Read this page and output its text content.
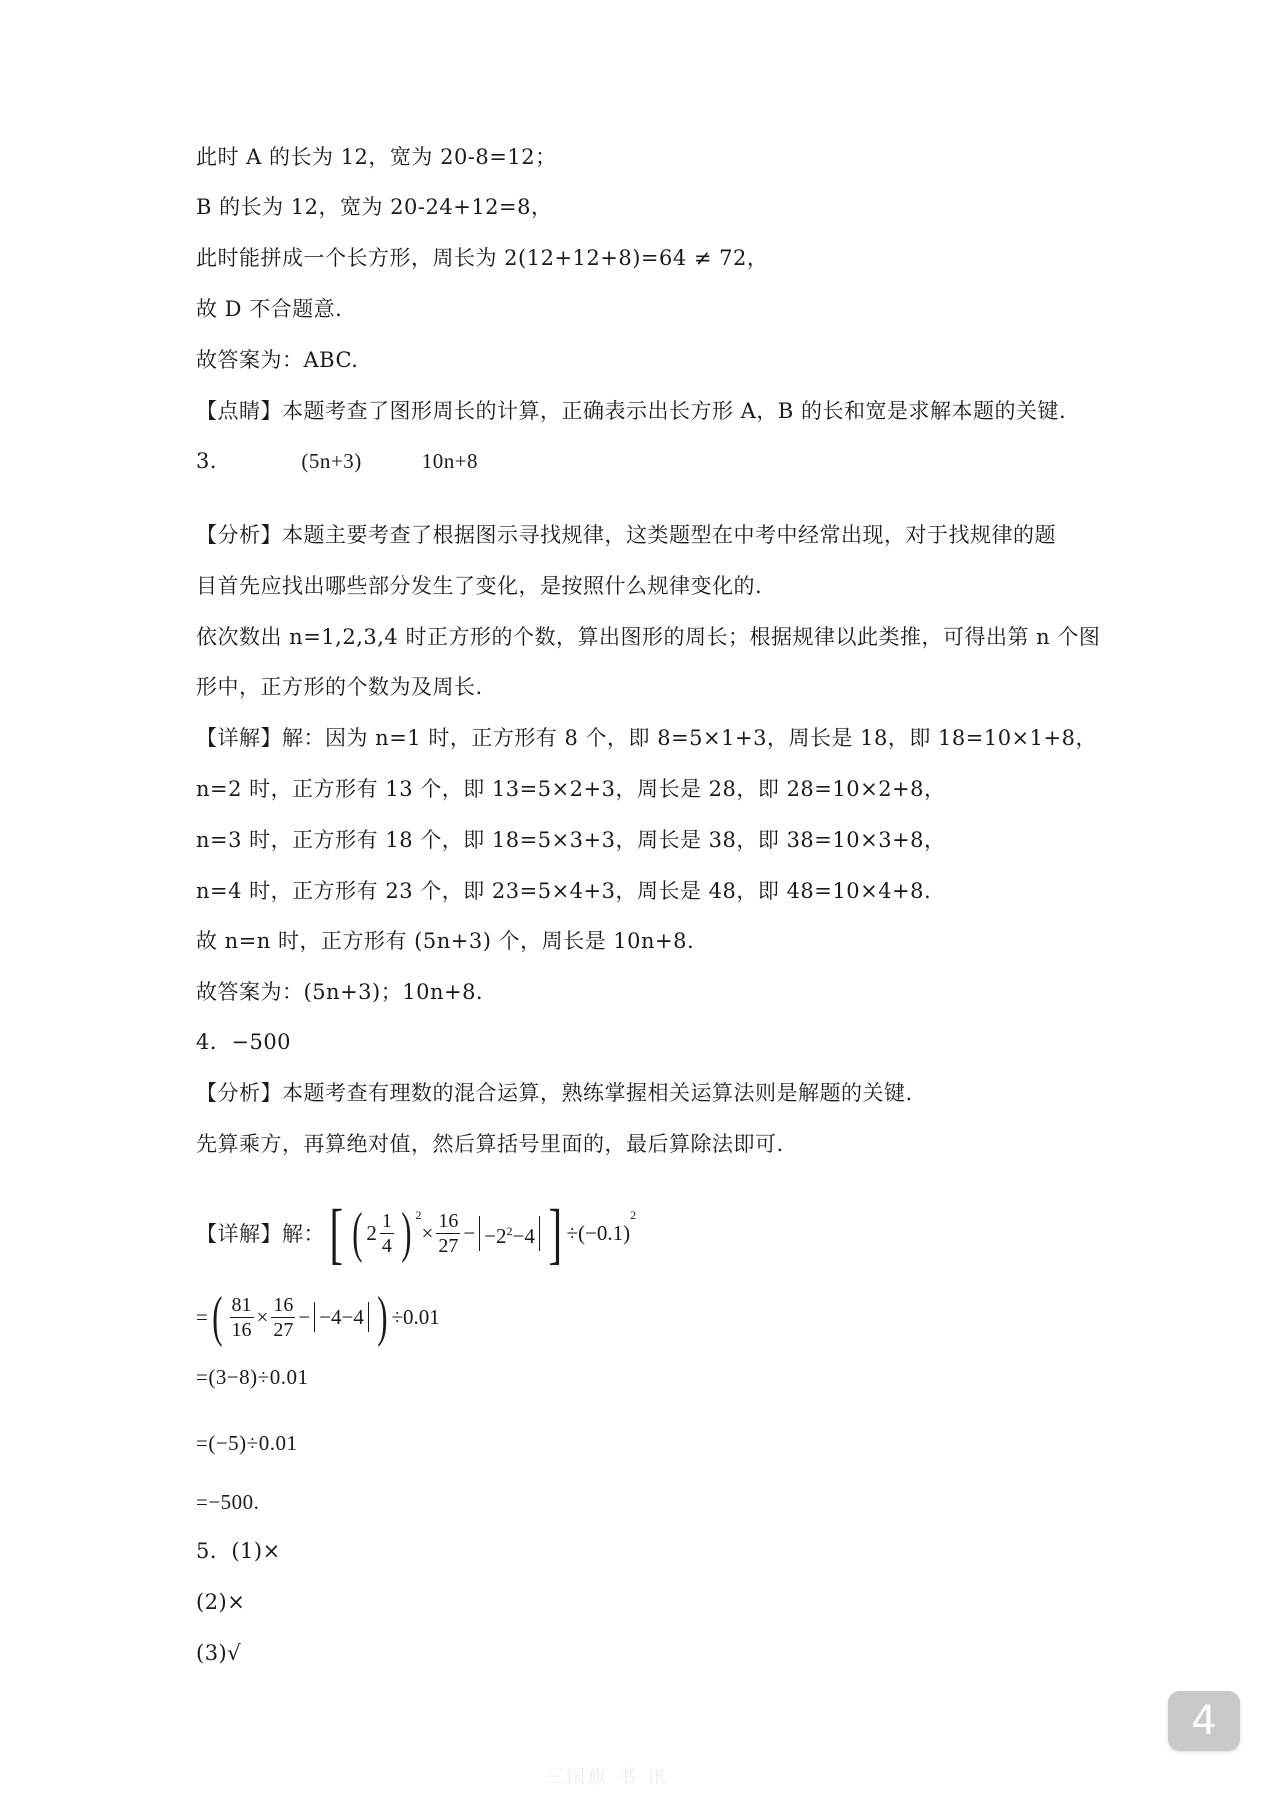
此时 A 的长为 12，宽为 20-8=12；
B 的长为 12，宽为 20-24+12=8，
此时能拼成一个长方形，周长为 2(12+12+8)=64 ≠ 72，
故 D 不合题意.
故答案为：ABC.
【点睛】本题考查了图形周长的计算，正确表示出长方形 A，B 的长和宽是求解本题的关键.
3．	(5n+3)	10n+8
【分析】本题主要考查了根据图示寻找规律，这类题型在中考中经常出现，对于找规律的题
目首先应找出哪些部分发生了变化，是按照什么规律变化的.
依次数出 n=1,2,3,4 时正方形的个数，算出图形的周长；根据规律以此类推，可得出第 n 个图
形中，正方形的个数为及周长.
【详解】解：因为 n=1 时，正方形有 8 个，即 8=5×1+3，周长是 18，即 18=10×1+8，
n=2 时，正方形有 13 个，即 13=5×2+3，周长是 28，即 28=10×2+8，
n=3 时，正方形有 18 个，即 18=5×3+3，周长是 38，即 38=10×3+8，
n=4 时，正方形有 23 个，即 23=5×4+3，周长是 48，即 48=10×4+8.
故 n=n 时，正方形有 (5n+3) 个，周长是 10n+8.
故答案为：(5n+3)；10n+8.
4．−500
【分析】本题考查有理数的混合运算，熟练掌握相关运算法则是解题的关键.
先算乘方，再算绝对值，然后算括号里面的，最后算除法即可.
【详解】解： [ ( $2 \frac{1}{4}$ ) 2
× $\frac{16}{27} - -2^2-4$ ] ÷ (−0.1)
2
= ( $\frac{81}{16} \times \frac{16}{27} - -4-4$ ) ÷0.01
=(3−8)÷0.01
=(−5)÷0.01
=−500.
5．(1)×
(2)×
(3)√
三国旗 书 讯
4
